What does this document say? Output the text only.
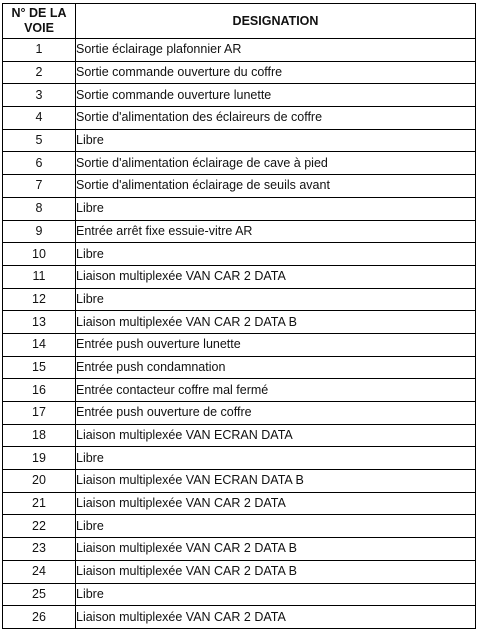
N° DE LA VOIE	DESIGNATION
1	Sortie éclairage plafonnier AR
2	Sortie commande ouverture du coffre
3	Sortie commande ouverture lunette
4	Sortie d'alimentation des éclaireurs de coffre
5	Libre
6	Sortie d'alimentation éclairage de cave à pied
7	Sortie d'alimentation éclairage de seuils avant
8	Libre
9	Entrée arrêt fixe essuie-vitre AR
10	Libre
11	Liaison multiplexée VAN CAR 2 DATA
12	Libre
13	Liaison multiplexée VAN CAR 2 DATA B
14	Entrée push ouverture lunette
15	Entrée push condamnation
16	Entrée contacteur coffre mal fermé
17	Entrée push ouverture de coffre
18	Liaison multiplexée VAN ECRAN DATA
19	Libre
20	Liaison multiplexée VAN ECRAN DATA B
21	Liaison multiplexée VAN CAR 2 DATA
22	Libre
23	Liaison multiplexée VAN CAR 2 DATA B
24	Liaison multiplexée VAN CAR 2 DATA B
25	Libre
26	Liaison multiplexée VAN CAR 2 DATA
